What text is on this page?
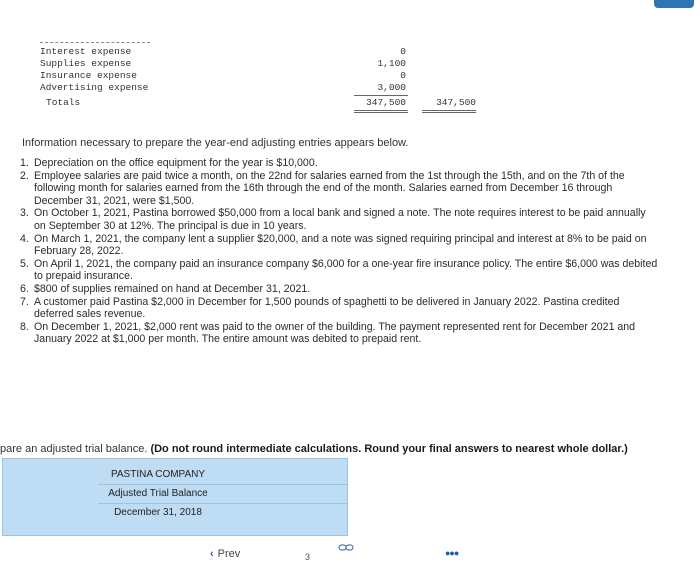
Interest expense	0
Supplies expense	1,100
Insurance expense	0
Advertising expense	3,000
Totals	347,500	347,500
Information necessary to prepare the year-end adjusting entries appears below.
1. Depreciation on the office equipment for the year is $10,000.
2. Employee salaries are paid twice a month, on the 22nd for salaries earned from the 1st through the 15th, and on the 7th of the following month for salaries earned from the 16th through the end of the month. Salaries earned from December 16 through December 31, 2021, were $1,500.
3. On October 1, 2021, Pastina borrowed $50,000 from a local bank and signed a note. The note requires interest to be paid annually on September 30 at 12%. The principal is due in 10 years.
4. On March 1, 2021, the company lent a supplier $20,000, and a note was signed requiring principal and interest at 8% to be paid on February 28, 2022.
5. On April 1, 2021, the company paid an insurance company $6,000 for a one-year fire insurance policy. The entire $6,000 was debited to prepaid insurance.
6. $800 of supplies remained on hand at December 31, 2021.
7. A customer paid Pastina $2,000 in December for 1,500 pounds of spaghetti to be delivered in January 2022. Pastina credited deferred sales revenue.
8. On December 1, 2021, $2,000 rent was paid to the owner of the building. The payment represented rent for December 2021 and January 2022 at $1,000 per month. The entire amount was debited to prepaid rent.
pare an adjusted trial balance. (Do not round intermediate calculations. Round your final answers to nearest whole dollar.)
PASTINA COMPANY
Adjusted Trial Balance
December 31, 2018
‹ Prev	3	●●●
